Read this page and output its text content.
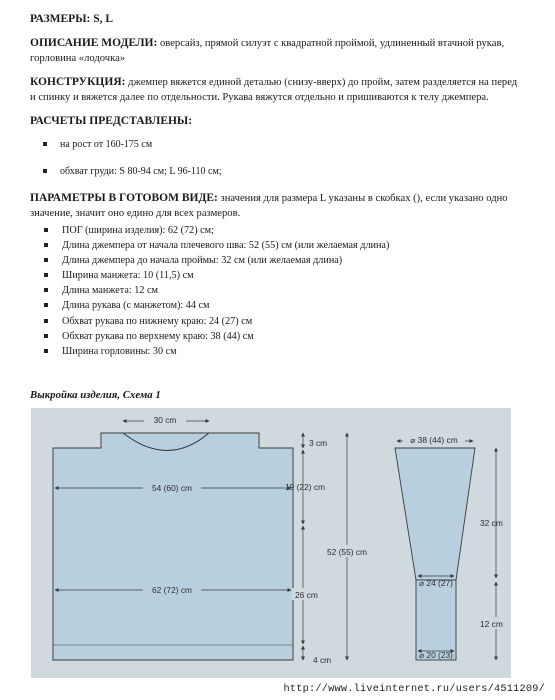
РАЗМЕРЫ: S, L

ОПИСАНИЕ МОДЕЛИ: оверсайз, прямой силуэт с квадратной проймой, удлиненный втачной рукав, горловина «лодочка»

КОНСТРУКЦИЯ: джемпер вяжется единой деталью (снизу-вверх) до пройм, затем разделяется на перед и спинку и вяжется далее по отдельности. Рукава вяжутся отдельно и пришиваются к телу джемпера.

РАСЧЕТЫ ПРЕДСТАВЛЕНЫ:

на рост от 160-175 см
обхват груди: S 80-94 см; L 96-110 см;

ПАРАМЕТРЫ В ГОТОВОМ ВИДЕ: значения для размера L указаны в скобках (), если указано одно значение, значит оно едино для всех размеров.

ПОГ (ширина изделия): 62 (72) см;
Длина джемпера от начала плечевого шва: 52 (55) см (или желаемая длина)
Длина джемпера до начала проймы: 32 см (или желаемая длина)
Ширина манжета: 10 (11,5) см
Длина манжета: 12 см
Длина рукава (с манжетом): 44 см
Обхват рукава по нижнему краю: 24 (27) см
Обхват рукава по верхнему краю: 38 (44) см
Ширина горловины: 30 см
Выкройка изделия, Схема 1
30 cm
54 (60) cm
62 (72) cm
3 cm
19 (22) cm
26 cm
4 cm
52 (55) cm
⌀ 38 (44) cm
⌀ 24 (27)
⌀ 20 (23)
32 cm
12 cm
http://www.liveinternet.ru/users/4511209/
